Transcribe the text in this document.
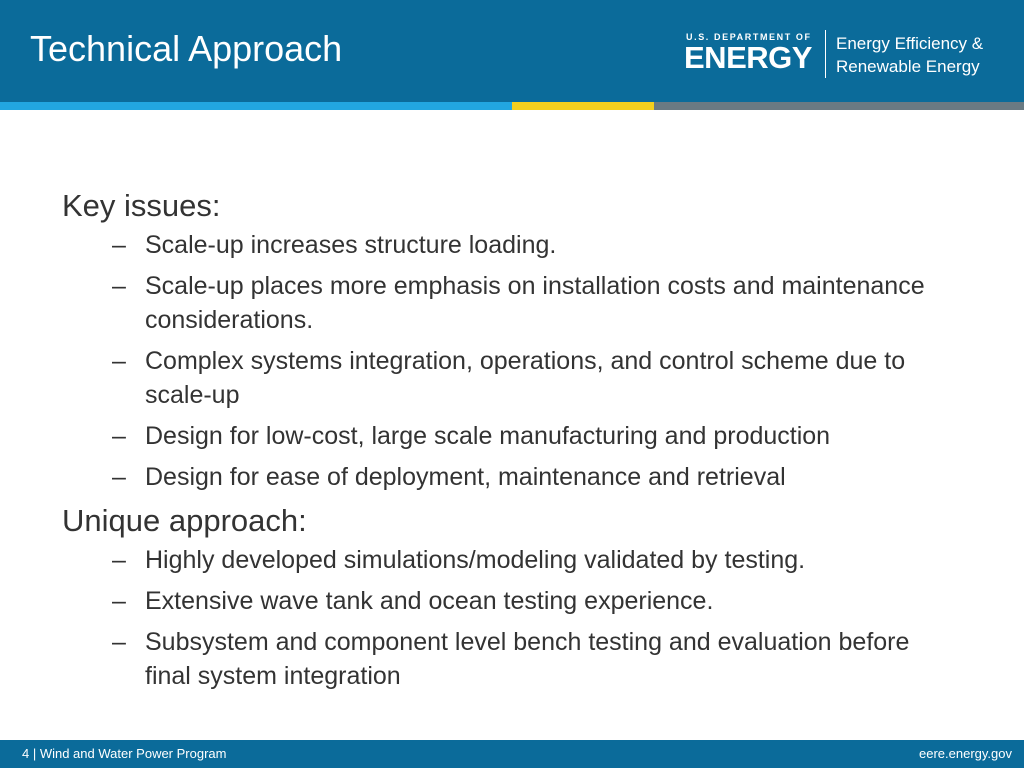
Technical Approach	U.S. DEPARTMENT OF
ENERGY Energy Efficiency &
Renewable Energy
Key issues:
– Scale-up increases structure loading.
– Scale-up places more emphasis on installation costs and maintenance considerations.
– Complex systems integration, operations, and control scheme due to scale-up
– Design for low-cost, large scale manufacturing and production
– Design for ease of deployment, maintenance and retrieval
Unique approach:
– Highly developed simulations/modeling validated by testing.
– Extensive wave tank and ocean testing experience.
– Subsystem and component level bench testing and evaluation before final system integration
4 | Wind and Water Power Program	eere.energy.gov
